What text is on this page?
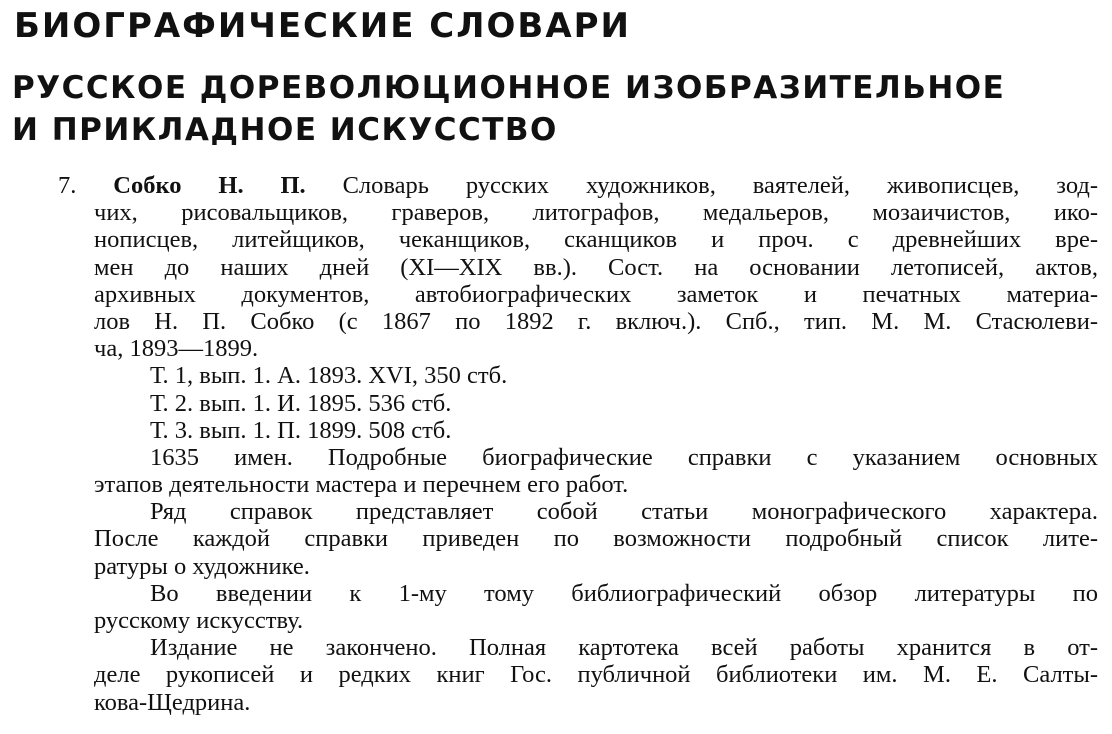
БИОГРАФИЧЕСКИЕ СЛОВАРИ
РУССКОЕ ДОРЕВОЛЮЦИОННОЕ ИЗОБРАЗИТЕЛЬНОЕ
И ПРИКЛАДНОЕ ИСКУССТВО
7. Собко Н. П. Словарь русских художников, ваятелей, живописцев, зод-
чих, рисовальщиков, граверов, литографов, медальеров, мозаичистов, ико-
нописцев, литейщиков, чеканщиков, сканщиков и проч. с древнейших вре-
мен до наших дней (XI—XIX вв.). Сост. на основании летописей, актов,
архивных документов, автобиографических заметок и печатных материа-
лов Н. П. Собко (с 1867 по 1892 г. включ.). Спб., тип. М. М. Стасюлеви-
ча, 1893—1899.
Т. 1, вып. 1. А. 1893. XVI, 350 стб.
Т. 2. вып. 1. И. 1895. 536 стб.
Т. 3. вып. 1. П. 1899. 508 стб.
1635 имен. Подробные биографические справки с указанием основных
этапов деятельности мастера и перечнем его работ.
Ряд справок представляет собой статьи монографического характера.
После каждой справки приведен по возможности подробный список лите-
ратуры о художнике.
Во введении к 1-му тому библиографический обзор литературы по
русскому искусству.
Издание не закончено. Полная картотека всей работы хранится в от-
деле рукописей и редких книг Гос. публичной библиотеки им. М. Е. Салты-
кова-Щедрина.
